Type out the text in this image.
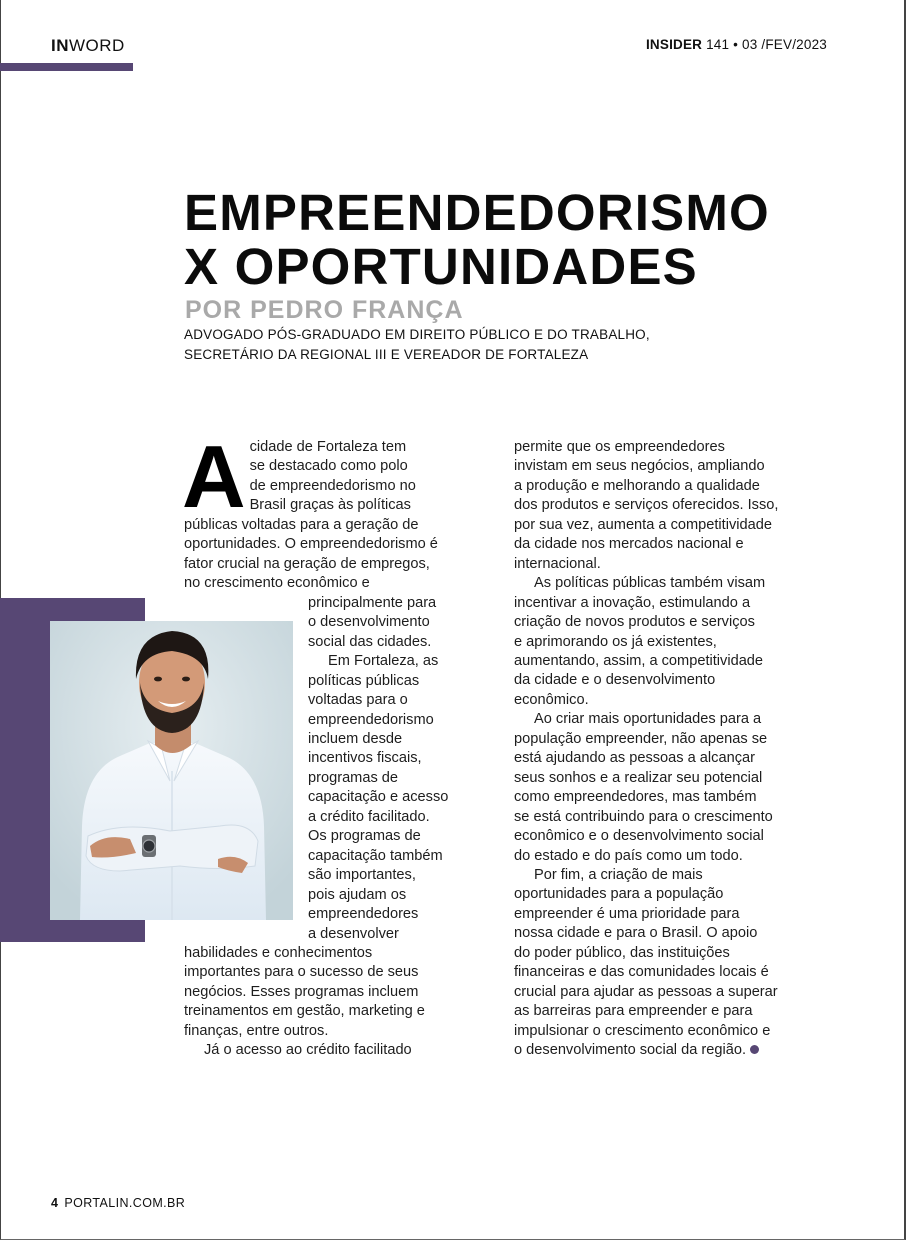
INWORD	INSIDER 141 • 03 /FEV/2023
EMPREENDEDORISMO
X OPORTUNIDADES
POR PEDRO FRANÇA
ADVOGADO PÓS-GRADUADO EM DIREITO PÚBLICO E DO TRABALHO,
SECRETÁRIO DA REGIONAL III E VEREADOR DE FORTALEZA

A cidade de Fortaleza tem
se destacado como polo
de empreendedorismo no
Brasil graças às políticas
públicas voltadas para a geração de
oportunidades. O empreendedorismo é
fator crucial na geração de empregos,
no crescimento econômico e
principalmente para
o desenvolvimento
social das cidades.

Em Fortaleza, as
políticas públicas
voltadas para o
empreendedorismo
incluem desde
incentivos fiscais,
programas de
capacitação e acesso
a crédito facilitado.
Os programas de
capacitação também
são importantes,
pois ajudam os
empreendedores
a desenvolver
habilidades e conhecimentos
importantes para o sucesso de seus
negócios. Esses programas incluem
treinamentos em gestão, marketing e
finanças, entre outros.

Já o acesso ao crédito facilitado

permite que os empreendedores
invistam em seus negócios, ampliando
a produção e melhorando a qualidade
dos produtos e serviços oferecidos. Isso,
por sua vez, aumenta a competitividade
da cidade nos mercados nacional e
internacional.

As políticas públicas também visam
incentivar a inovação, estimulando a
criação de novos produtos e serviços
e aprimorando os já existentes,
aumentando, assim, a competitividade
da cidade e o desenvolvimento
econômico.

Ao criar mais oportunidades para a
população empreender, não apenas se
está ajudando as pessoas a alcançar
seus sonhos e a realizar seu potencial
como empreendedores, mas também
se está contribuindo para o crescimento
econômico e o desenvolvimento social
do estado e do país como um todo.

Por fim, a criação de mais
oportunidades para a população
empreender é uma prioridade para
nossa cidade e para o Brasil. O apoio
do poder público, das instituições
financeiras e das comunidades locais é
crucial para ajudar as pessoas a superar
as barreiras para empreender e para
impulsionar o crescimento econômico e
o desenvolvimento social da região.

4 PORTALIN.COM.BR
